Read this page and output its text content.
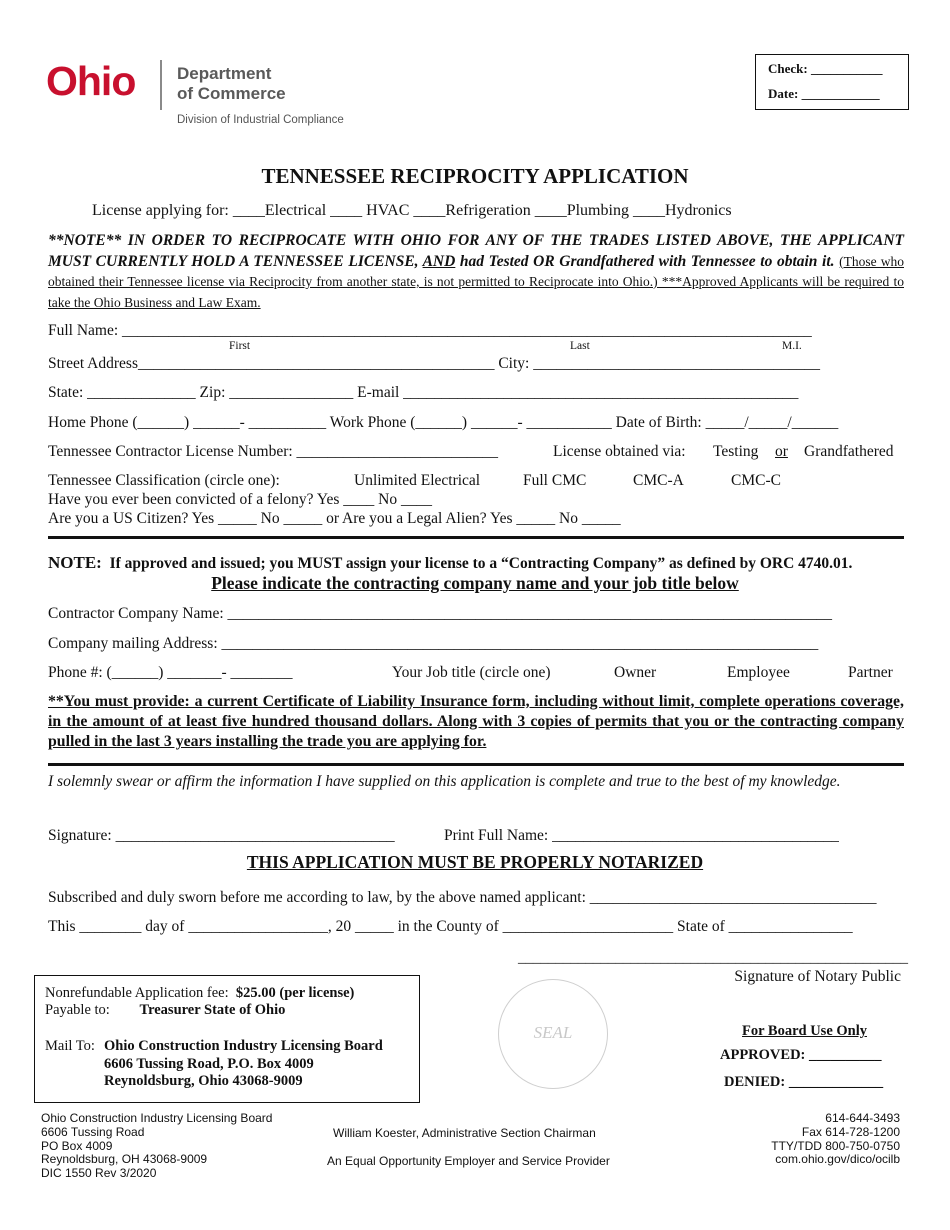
Ohio Department
of Commerce
Division of Industrial Compliance
Check: ___________
Date: ____________
TENNESSEE RECIPROCITY APPLICATION
License applying for: ____Electrical ____ HVAC ____Refrigeration ____Plumbing ____Hydronics
**NOTE** IN ORDER TO RECIPROCATE WITH OHIO FOR ANY OF THE TRADES LISTED ABOVE, THE APPLICANT MUST CURRENTLY HOLD A TENNESSEE LICENSE, AND had Tested OR Grandfathered with Tennessee to obtain it. (Those who obtained their Tennessee license via Reciprocity from another state, is not permitted to Reciprocate into Ohio.) ***Approved Applicants will be required to take the Ohio Business and Law Exam.
Full Name: _________________________________________________________________________________________
First	Last	M.I.
Street Address______________________________________________ City: _____________________________________
State: ______________ Zip: ________________ E-mail ___________________________________________________
Home Phone (______) ______- __________ Work Phone (______) ______- ___________ Date of Birth: _____/_____/______
Tennessee Contractor License Number: __________________________	License obtained via: Testing or Grandfathered
Tennessee Classification (circle one):	Unlimited Electrical	Full CMC	CMC-A	CMC-C
Have you ever been convicted of a felony? Yes ____ No ____
Are you a US Citizen? Yes _____ No _____ or Are you a Legal Alien? Yes _____ No _____
NOTE: If approved and issued; you MUST assign your license to a “Contracting Company” as defined by ORC 4740.01.
Please indicate the contracting company name and your job title below
Contractor Company Name: ______________________________________________________________________________
Company mailing Address: _____________________________________________________________________________
Phone #: (______) _______- ________	Your Job title (circle one)	Owner	Employee	Partner
**You must provide: a current Certificate of Liability Insurance form, including without limit, complete operations coverage, in the amount of at least five hundred thousand dollars. Along with 3 copies of permits that you or the contracting company pulled in the last 3 years installing the trade you are applying for.
I solemnly swear or affirm the information I have supplied on this application is complete and true to the best of my knowledge.
Signature: ____________________________________	Print Full Name: _____________________________________
THIS APPLICATION MUST BE PROPERLY NOTARIZED
Subscribed and duly sworn before me according to law, by the above named applicant: _____________________________________
This ________ day of __________________, 20 _____ in the County of ______________________ State of ________________
____________________________________________________
Signature of Notary Public
Nonrefundable Application fee: $25.00 (per license)
Payable to: Treasurer State of Ohio
Mail To: Ohio Construction Industry Licensing Board
6606 Tussing Road, P.O. Box 4009
Reynoldsburg, Ohio 43068-9009
SEAL	For Board Use Only
APPROVED: __________
DENIED: _____________
Ohio Construction Industry Licensing Board
6606 Tussing Road
PO Box 4009
Reynoldsburg, OH 43068-9009
DIC 1550 Rev 3/2020
William Koester, Administrative Section Chairman
An Equal Opportunity Employer and Service Provider
614-644-3493
Fax 614-728-1200
TTY/TDD 800-750-0750
com.ohio.gov/dico/ocilb
